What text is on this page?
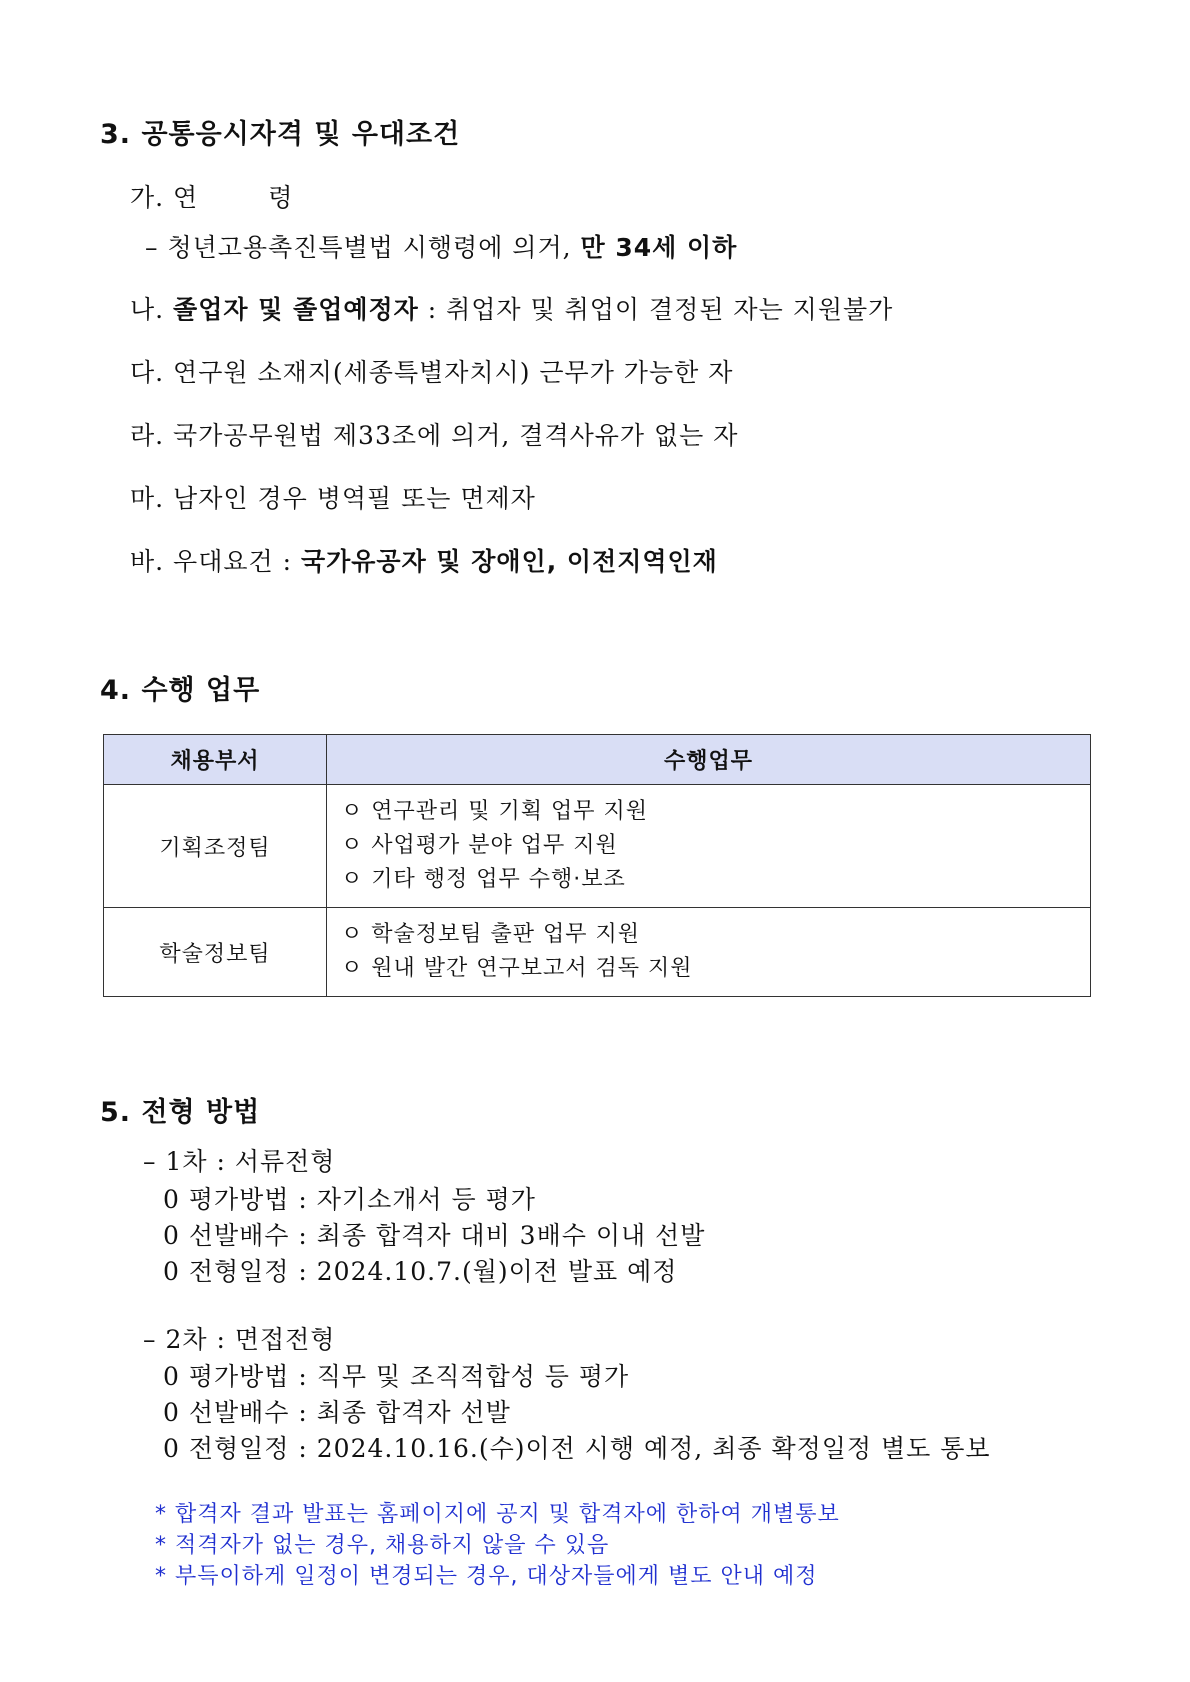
3. 공통응시자격 및 우대조건
가. 연	령
– 청년고용촉진특별법 시행령에 의거, 만 34세 이하
나. 졸업자 및 졸업예정자 : 취업자 및 취업이 결정된 자는 지원불가
다. 연구원 소재지(세종특별자치시) 근무가 가능한 자
라. 국가공무원법 제33조에 의거, 결격사유가 없는 자
마. 남자인 경우 병역필 또는 면제자
바. 우대요건 : 국가유공자 및 장애인, 이전지역인재
4. 수행 업무
채용부서	수행업무
기획조정팀	ㅇ 연구관리 및 기획 업무 지원
ㅇ 사업평가 분야 업무 지원
ㅇ 기타 행정 업무 수행·보조

학술정보팀	ㅇ 학술정보팀 출판 업무 지원
ㅇ 원내 발간 연구보고서 검독 지원
5. 전형 방법
– 1차 : 서류전형
0 평가방법 : 자기소개서 등 평가
0 선발배수 : 최종 합격자 대비 3배수 이내 선발
0 전형일정 : 2024.10.7.(월)이전 발표 예정
– 2차 : 면접전형
0 평가방법 : 직무 및 조직적합성 등 평가
0 선발배수 : 최종 합격자 선발
0 전형일정 : 2024.10.16.(수)이전 시행 예정, 최종 확정일정 별도 통보
* 합격자 결과 발표는 홈페이지에 공지 및 합격자에 한하여 개별통보
* 적격자가 없는 경우, 채용하지 않을 수 있음
* 부득이하게 일정이 변경되는 경우, 대상자들에게 별도 안내 예정
